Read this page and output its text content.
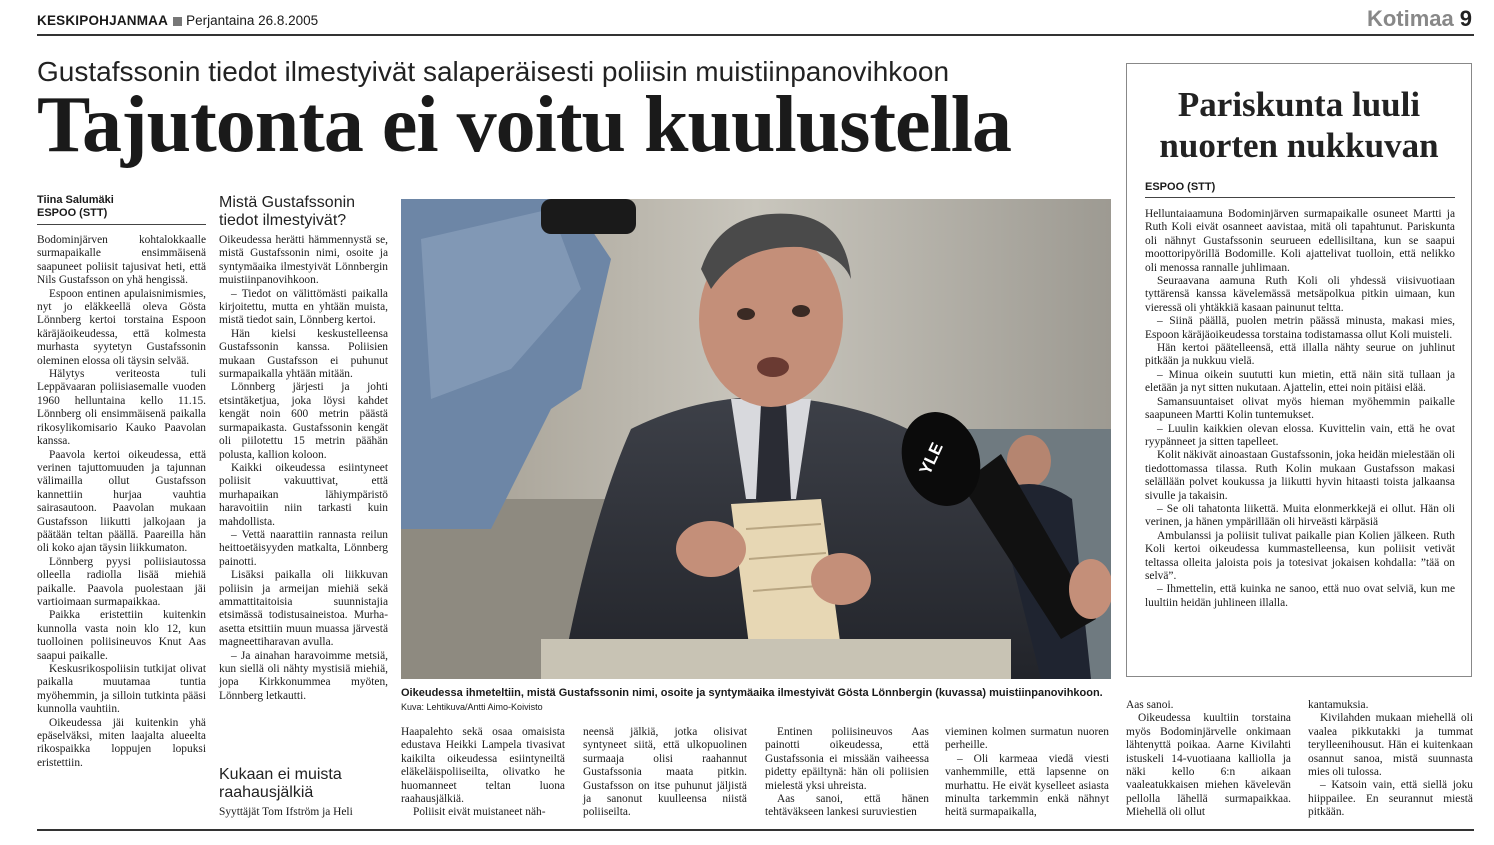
KESKIPOHJANMAA Perjantaina 26.8.2005	Kotimaa 9
Gustafssonin tiedot ilmestyivät salaperäisesti poliisin muistiinpanovihkoon
Tajutonta ei voitu kuulustella
Tiina Salumäki
ESPOO (STT)

Bodominjärven kohtalokkaalle surmapaikalle ensimmäisenä saapuneet poliisit tajusivat heti, että Nils Gustafsson on yhä hengissä.

Espoon entinen apulaisnimismies, nyt jo eläkkeellä oleva Gösta Lönnberg kertoi torstaina Espoon käräjäoikeudessa, että kolmesta murhasta syytetyn Gustafssonin oleminen elossa oli täysin selvää.

Hälytys veriteosta tuli Leppävaaran poliisiasemalle vuoden 1960 helluntaina kello 11.15. Lönnberg oli ensimmäisenä paikalla rikosylikomisario Kauko Paavolan kanssa.

Paavola kertoi oikeudessa, että verinen tajuttomuuden ja tajunnan välimailla ollut Gustafsson kannettiin hurjaa vauhtia sairasautoon. Paavolan mukaan Gustafsson liikutti jalkojaan ja päätään teltan päällä. Paareilla hän oli koko ajan täysin liikkumaton.

Lönnberg pyysi poliisiautossa olleella radiolla lisää miehiä paikalle. Paavola puolestaan jäi vartioimaan surmapaikkaa.

Paikka eristettiin kuitenkin kunnolla vasta noin klo 12, kun tuolloinen poliisineuvos Knut Aas saapui paikalle.

Keskusrikospoliisin tutkijat olivat paikalla muutamaa tuntia myöhemmin, ja silloin tutkinta pääsi kunnolla vauhtiin.

Oikeudessa jäi kuitenkin yhä epäselväksi, miten laajalta alueelta rikospaikka loppujen lopuksi eristettiin.

Mistä Gustafssonin tiedot ilmestyivät?

Oikeudessa herätti hämmennystä se, mistä Gustafssonin nimi, osoite ja syntymäaika ilmestyivät Lönnbergin muistiinpanovihkoon.

– Tiedot on välittömästi paikalla kirjoitettu, mutta en yhtään muista, mistä tiedot sain, Lönnberg kertoi.

Hän kielsi keskustelleensa Gustafssonin kanssa. Poliisien mukaan Gustafsson ei puhunut surmapaikalla yhtään mitään.

Lönnberg järjesti ja johti etsintäketjua, joka löysi kahdet kengät noin 600 metrin päästä surmapaikasta. Gustafssonin kengät oli piilotettu 15 metrin päähän polusta, kallion koloon.

Kaikki oikeudessa esiintyneet poliisit vakuuttivat, että murhapaikan lähiympäristö haravoitiin niin tarkasti kuin mahdollista.

– Vettä naarattiin rannasta reilun heittoetäisyyden matkalta, Lönnberg painotti.

Lisäksi paikalla oli liikkuvan poliisin ja armeijan miehiä sekä ammattitaitoisia suunnistajia etsimässä todistusaineistoa. Murha-asetta etsittiin muun muassa järvestä magneettiharavan avulla.

– Ja ainahan haravoimme metsiä, kun siellä oli nähty mystisiä miehiä, jopa Kirkkonummea myöten, Lönnberg letkautti.

Kukaan ei muista raahausjälkiä
Syyttäjät Tom Ifström ja Heli
YLE
Oikeudessa ihmeteltiin, mistä Gustafssonin nimi, osoite ja syntymäaika ilmestyivät Gösta Lönnbergin (kuvassa) muistiinpanovihkoon. Kuva: Lehtikuva/Antti Aimo-Koivisto

Haapalehto sekä osaa omaisista edustava Heikki Lampela tivasivat kaikilta oikeudessa esiintyneiltä eläkeläispoliiseilta, olivatko he huomanneet teltan luona raahausjälkiä.

Poliisit eivät muistaneet näh-

neensä jälkiä, jotka olisivat syntyneet siitä, että ulkopuolinen surmaaja olisi raahannut Gustafssonia maata pitkin. Gustafsson on itse puhunut jäljistä ja sanonut kuulleensa niistä poliiseilta.

Entinen poliisineuvos Aas painotti oikeudessa, että Gustafssonia ei missään vaiheessa pidetty epäiltynä: hän oli poliisien mielestä yksi uhreista.

Aas sanoi, että hänen tehtäväkseen lankesi suruviestien

vieminen kolmen surmatun nuoren perheille.

– Oli karmeaa viedä viesti vanhemmille, että lapsenne on murhattu. He eivät kyselleet asiasta minulta tarkemmin enkä nähnyt heitä surmapaikalla,

Aas sanoi.

Oikeudessa kuultiin torstaina myös Bodominjärvelle onkimaan lähtenyttä poikaa. Aarne Kivilahti istuskeli 14-vuotiaana kalliolla ja näki kello 6:n aikaan vaaleatukkaisen miehen kävelevän pellolla lähellä surmapaikkaa. Miehellä oli ollut

kantamuksia.

Kivilahden mukaan miehellä oli vaalea pikkutakki ja tummat terylleenihousut. Hän ei kuitenkaan osannut sanoa, mistä suunnasta mies oli tulossa.

– Katsoin vain, että siellä joku hiippailee. En seurannut miestä pitkään.

Pariskunta luuli
nuorten nukkuvan
ESPOO (STT)

Helluntaiaamuna Bodominjärven surmapaikalle osuneet Martti ja Ruth Koli eivät osanneet aavistaa, mitä oli tapahtunut. Pariskunta oli nähnyt Gustafssonin seurueen edellisiltana, kun se saapui moottoripyörillä Bodomille. Koli ajattelivat tuolloin, että nelikko oli menossa rannalle juhlimaan.

Seuraavana aamuna Ruth Koli oli yhdessä viisivuotiaan tyttärensä kanssa kävelemässä metsäpolkua pitkin uimaan, kun vieressä oli yhtäkkiä kasaan painunut teltta.

– Siinä päällä, puolen metrin päässä minusta, makasi mies, Espoon käräjäoikeudessa torstaina todistamassa ollut Koli muisteli.

Hän kertoi päätelleensä, että illalla nähty seurue on juhlinut pitkään ja nukkuu vielä.

– Minua oikein suututti kun mietin, että näin sitä tullaan ja eletään ja nyt sitten nukutaan. Ajattelin, ettei noin pitäisi elää.

Samansuuntaiset olivat myös hieman myöhemmin paikalle saapuneen Martti Kolin tuntemukset.

– Luulin kaikkien olevan elossa. Kuvittelin vain, että he ovat ryypänneet ja sitten tapelleet.

Kolit näkivät ainoastaan Gustafssonin, joka heidän mielestään oli tiedottomassa tilassa. Ruth Kolin mukaan Gustafsson makasi selällään polvet koukussa ja liikutti hyvin hitaasti toista jalkaansa sivulle ja takaisin.

– Se oli tahatonta liikettä. Muita elonmerkkejä ei ollut. Hän oli verinen, ja hänen ympärillään oli hirveästi kärpäsiä

Ambulanssi ja poliisit tulivat paikalle pian Kolien jälkeen. Ruth Koli kertoi oikeudessa kummastelleensa, kun poliisit vetivät teltassa olleita jaloista pois ja totesivat jokaisen kohdalla: ”tää on selvä”.

– Ihmettelin, että kuinka ne sanoo, että nuo ovat selviä, kun me luultiin heidän juhlineen illalla.
